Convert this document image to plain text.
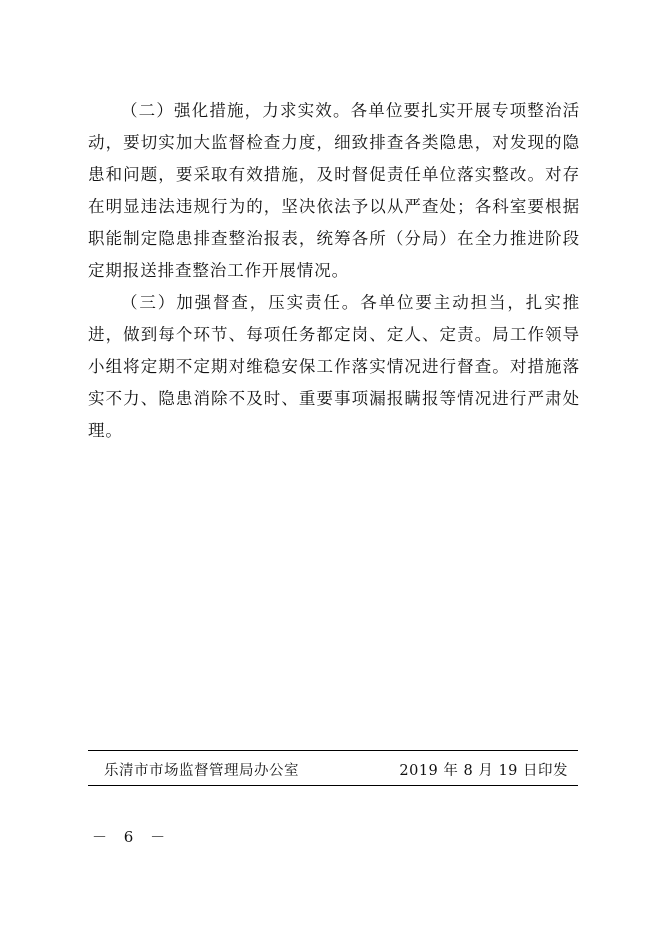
（二）强化措施，力求实效。各单位要扎实开展专项整治活动，要切实加大监督检查力度，细致排查各类隐患，对发现的隐患和问题，要采取有效措施，及时督促责任单位落实整改。对存在明显违法违规行为的，坚决依法予以从严查处；各科室要根据职能制定隐患排查整治报表，统筹各所（分局）在全力推进阶段定期报送排查整治工作开展情况。

（三）加强督查，压实责任。各单位要主动担当，扎实推进，做到每个环节、每项任务都定岗、定人、定责。局工作领导小组将定期不定期对维稳安保工作落实情况进行督查。对措施落实不力、隐患消除不及时、重要事项漏报瞒报等情况进行严肃处理。

乐清市市场监督管理局办公室	2019 年 8 月 19 日印发
－ 6 －
